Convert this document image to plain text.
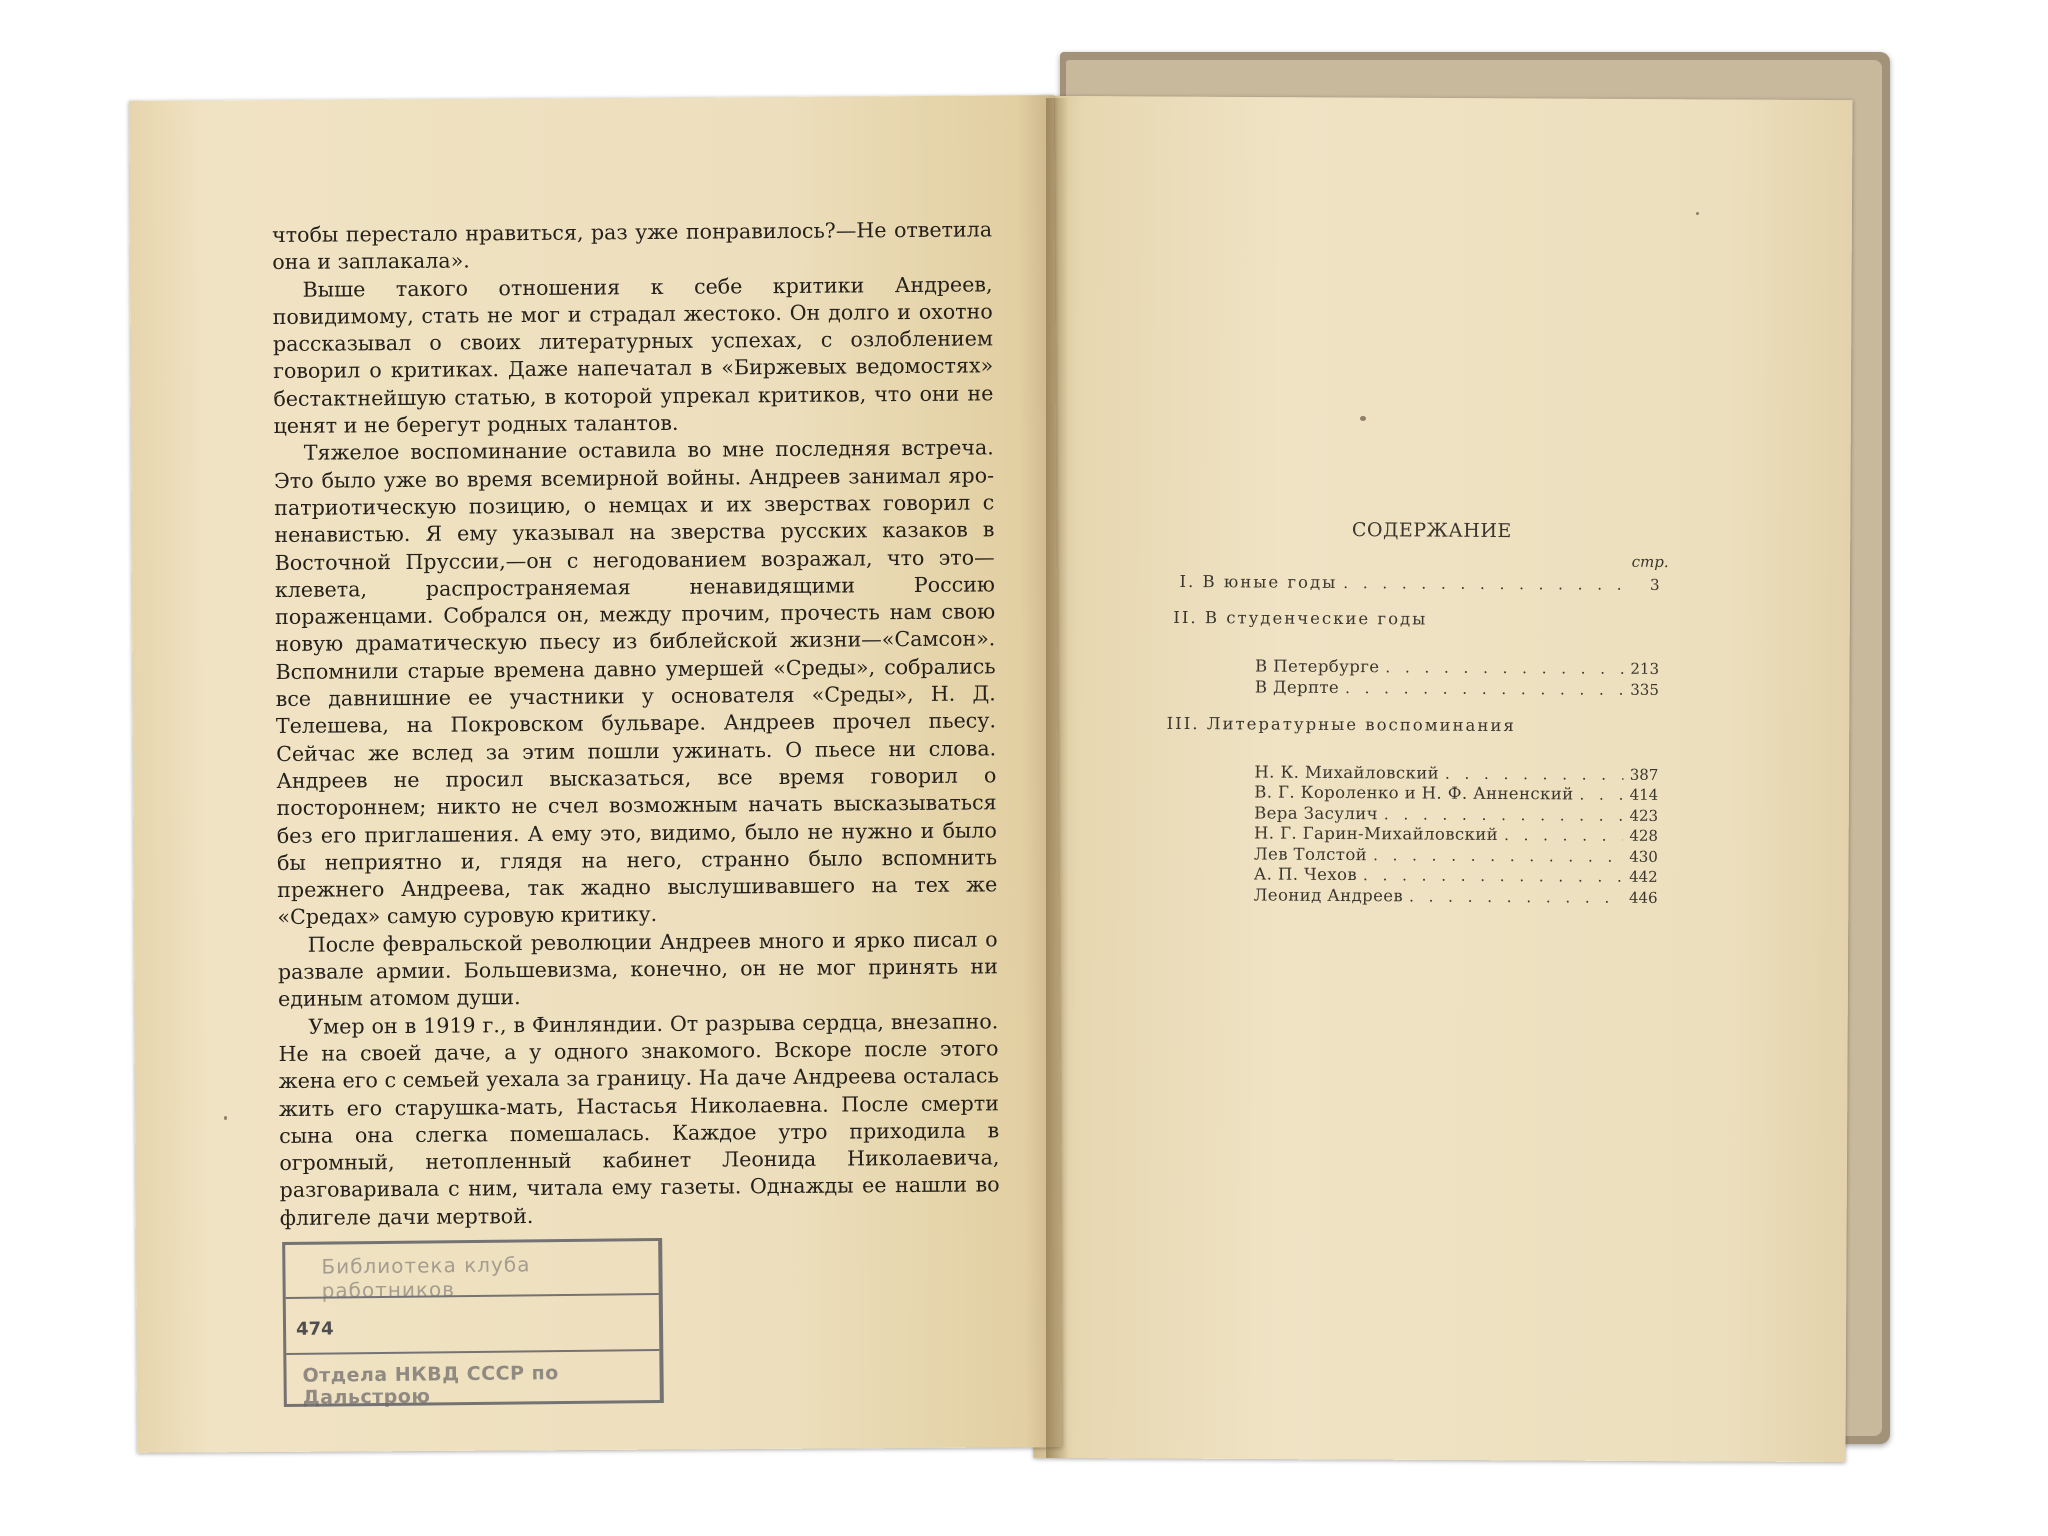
чтобы перестало нравиться, раз уже понравилось?—Не ответила она и заплакала».

Выше такого отношения к себе критики Андреев, повидимому, стать не мог и страдал жестоко. Он долго и охотно рассказывал о своих литературных успехах, с озлоблением говорил о критиках. Даже напечатал в «Биржевых ведомостях» бестактнейшую статью, в которой упрекал критиков, что они не ценят и не берегут родных талантов.

Тяжелое воспоминание оставила во мне последняя встреча. Это было уже во время всемирной войны. Андреев занимал яро-патриотическую позицию, о немцах и их зверствах говорил с ненавистью. Я ему указывал на зверства русских казаков в Восточной Пруссии,—он с негодованием возражал, что это—клевета, распространяемая ненавидящими Россию пораженцами. Собрался он, между прочим, прочесть нам свою новую драматическую пьесу из библейской жизни—«Самсон». Вспомнили старые времена давно умершей «Среды», собрались все давнишние ее участники у основателя «Среды», Н. Д. Телешева, на Покровском бульваре. Андреев прочел пьесу. Сейчас же вслед за этим пошли ужинать. О пьесе ни слова. Андреев не просил высказаться, все время говорил о постороннем; никто не счел возможным начать высказываться без его приглашения. А ему это, видимо, было не нужно и было бы неприятно и, глядя на него, странно было вспомнить прежнего Андреева, так жадно выслушивавшего на тех же «Средах» самую суровую критику.

После февральской революции Андреев много и ярко писал о развале армии. Большевизма, конечно, он не мог принять ни единым атомом души.

Умер он в 1919 г., в Финляндии. От разрыва сердца, внезапно. Не на своей даче, а у одного знакомого. Вскоре после этого жена его с семьей уехала за границу. На даче Андреева осталась жить его старушка-мать, Настасья Николаевна. После смерти сына она слегка помешалась. Каждое утро приходила в огромный, нетопленный кабинет Леонида Николаевича, разговаривала с ним, читала ему газеты. Однажды ее нашли во флигеле дачи мертвой.

Библиотека клуба работников
474
Отдела НКВД СССР по Дальстрою
СОДЕРЖАНИЕ
стр.
I. В юные годы . . .	3
II. В студенческие годы
В Петербурге . . .	213
В Дерпте . . .	335
III. Литературные воспоминания
Н. К. Михайловский . . .	387
В. Г. Короленко и Н. Ф. Анненский . . .	414
Вера Засулич . . .	423
Н. Г. Гарин-Михайловский . . .	428
Лев Толстой . . .	430
А. П. Чехов . . .	442
Леонид Андреев . . .	446
